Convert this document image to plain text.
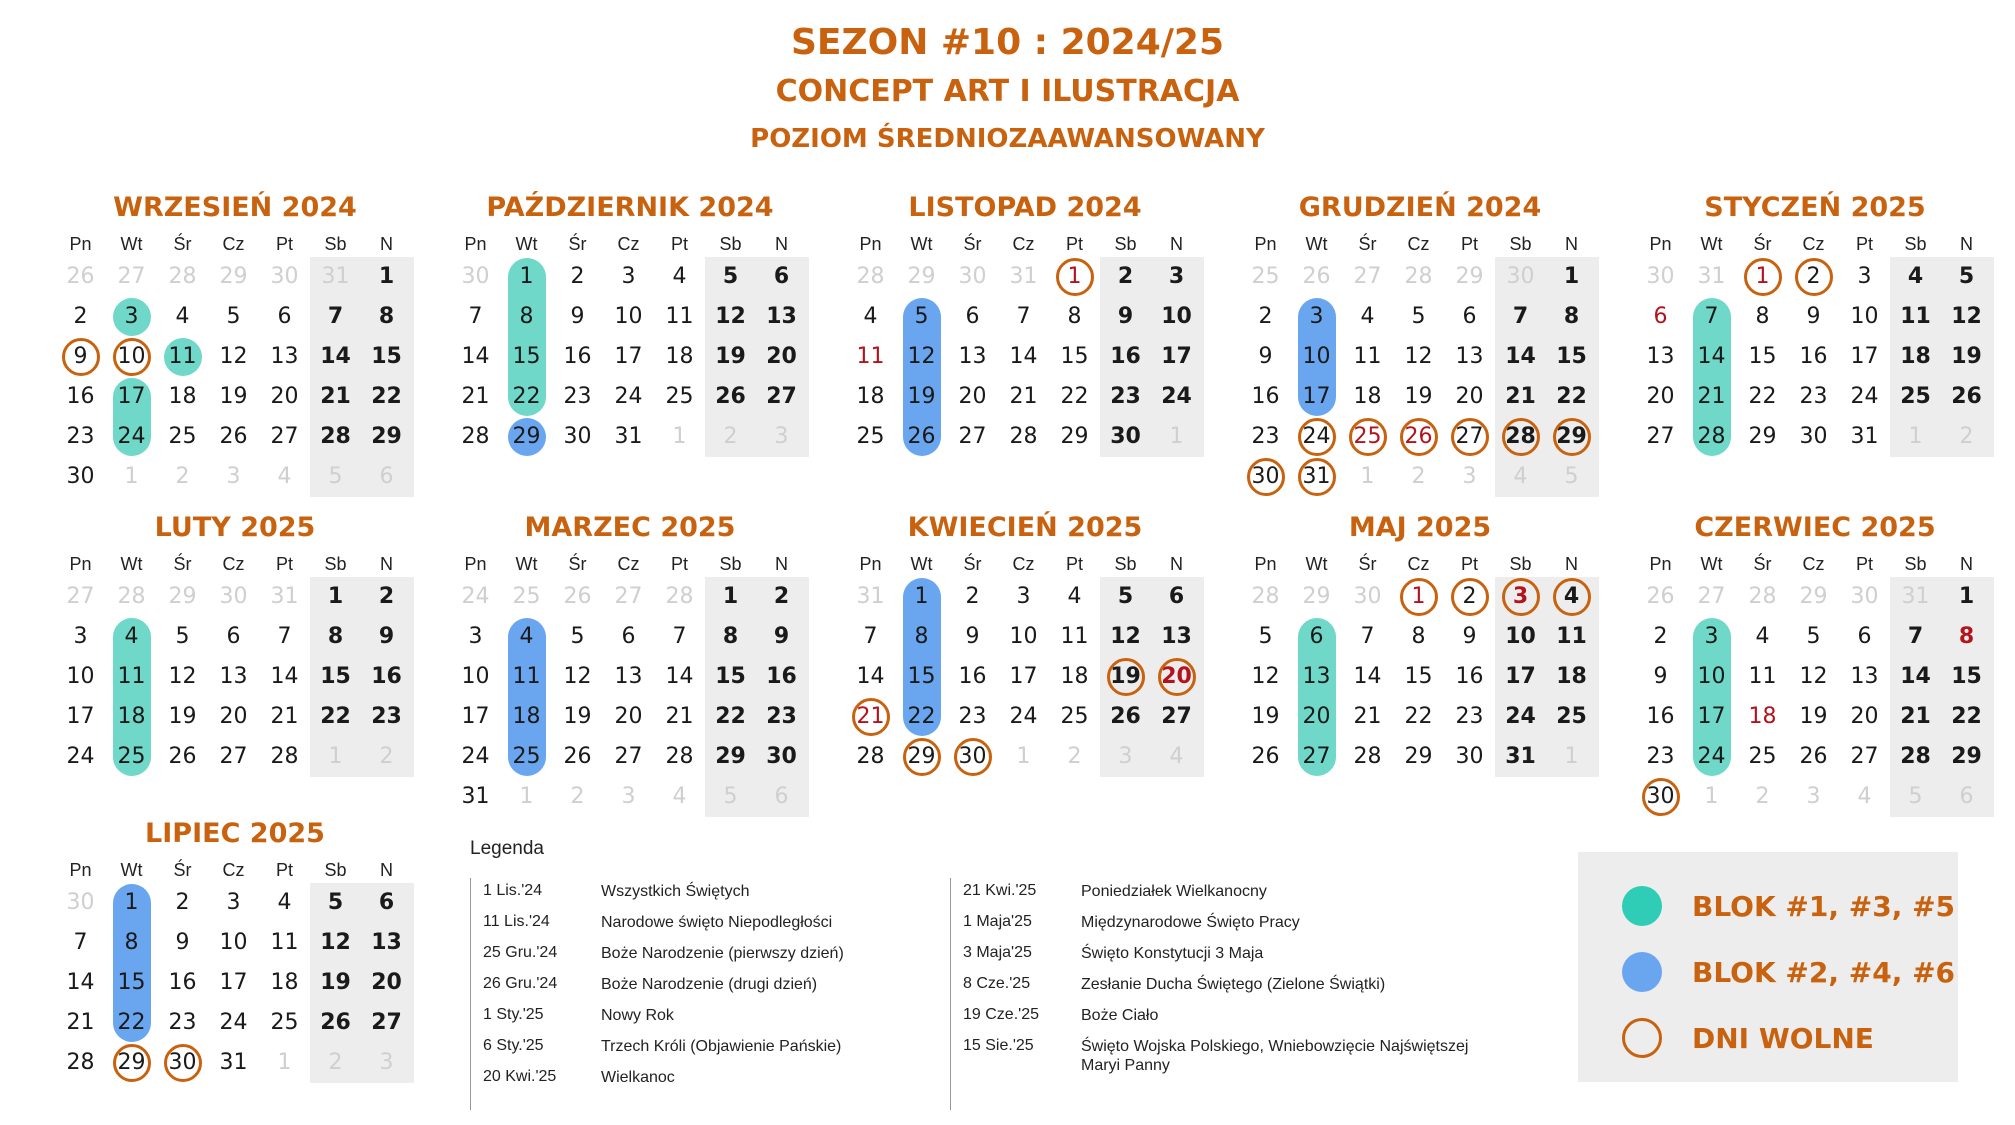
SEZON #10 : 2024/25
CONCEPT ART I ILUSTRACJA
POZIOM ŚREDNIOZAAWANSOWANY
WRZESIEŃ 2024
Pn	Wt	Śr	Cz	Pt	Sb	N
26	27	28	29	30	31	1
2	3	4	5	6	7	8
9	10	11	12	13 14 15
16	17	18	19	20 21 22
23	24	25	26	27 28 29
30	1	2	3	4	5	6
PAŹDZIERNIK 2024
Pn	Wt	Śr	Cz	Pt	Sb	N
30	1	2	3	4	5	6
7	8	9	10	11 12 13
14	15	16	17	18 19 20
21	22	23	24	25 26 27
28	29	30	31	1	2	3
LISTOPAD 2024
Pn	Wt	Śr	Cz	Pt	Sb	N
28	29	30	31	1	2	3
4	5	6	7	8	9	10
11	12	13	14	15 16 17
18	19	20	21	22 23 24
25	26	27	28	29 30	1
GRUDZIEŃ 2024
Pn	Wt	Śr	Cz	Pt	Sb	N
25	26	27	28	29	30	1
2	3	4	5	6	7	8
9	10	11	12	13 14 15
16	17	18	19	20 21 22
23	24	25	26	27 28 29
30	31	1	2	3	4	5
STYCZEŃ 2025
Pn	Wt	Śr	Cz	Pt	Sb	N
30	31	1	2	3	4	5
6	7	8	9	10 11 12
13	14	15	16	17 18 19
20	21	22	23	24 25 26
27	28	29	30	31	1	2
LUTY 2025
Pn	Wt	Śr	Cz	Pt	Sb	N
27	28	29	30	31	1	2
3	4	5	6	7	8	9
10	11	12	13	14 15 16
17	18	19	20	21 22 23
24	25	26	27	28	1	2
MARZEC 2025
Pn	Wt	Śr	Cz	Pt	Sb	N
24	25	26	27	28	1	2
3	4	5	6	7	8	9
10	11	12	13	14 15 16
17	18	19	20	21 22 23
24	25	26	27	28 29 30
31	1	2	3	4	5	6
KWIECIEŃ 2025
Pn	Wt	Śr	Cz	Pt	Sb	N
31	1	2	3	4	5	6
7	8	9	10	11 12 13
14	15	16	17	18 19 20
21	22	23	24	25 26 27
28	29	30	1	2	3	4
MAJ 2025
Pn	Wt	Śr	Cz	Pt	Sb	N
28	29	30	1	2	3	4
5	6	7	8	9	10 11
12	13	14	15	16 17 18
19	20	21	22	23 24 25
26	27	28	29	30 31	1
CZERWIEC 2025
Pn	Wt	Śr	Cz	Pt	Sb	N
26	27	28	29	30	31	1
2	3	4	5	6	7	8
9	10	11	12	13 14 15
16	17	18	19	20 21 22
23	24	25	26	27 28 29
30	1	2	3	4	5	6
LIPIEC 2025
Pn	Wt	Śr	Cz	Pt	Sb	N
30	1	2	3	4	5	6
7	8	9	10	11 12 13
14	15	16	17	18 19 20
21	22	23	24	25 26 27
28	29	30	31	1	2	3
Legenda
1 Lis.'24	Wszystkich Świętych
11 Lis.'24	Narodowe święto Niepodległości
25 Gru.'24	Boże Narodzenie (pierwszy dzień)
26 Gru.'24	Boże Narodzenie (drugi dzień)
1 Sty.'25	Nowy Rok
6 Sty.'25	Trzech Króli (Objawienie Pańskie)
20 Kwi.'25	Wielkanoc
21 Kwi.'25	Poniedziałek Wielkanocny
1 Maja'25	Międzynarodowe Święto Pracy
3 Maja'25	Święto Konstytucji 3 Maja
8 Cze.'25	Zesłanie Ducha Świętego (Zielone Świątki)
19 Cze.'25	Boże Ciało
15 Sie.'25	Święto Wojska Polskiego, Wniebowzięcie Najświętszej Maryi Panny
BLOK #1, #3, #5
BLOK #2, #4, #6
DNI WOLNE
